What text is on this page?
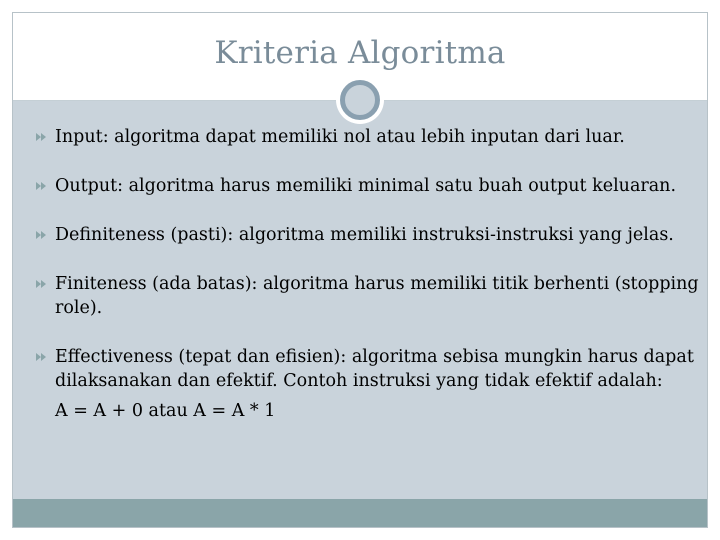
Kriteria Algoritma
Input: algoritma dapat memiliki nol atau lebih inputan dari luar.
Output: algoritma harus memiliki minimal satu buah output keluaran.
Definiteness (pasti): algoritma memiliki instruksi-instruksi yang jelas.
Finiteness (ada batas): algoritma harus memiliki titik berhenti (stopping role).
Effectiveness (tepat dan efisien): algoritma sebisa mungkin harus dapat dilaksanakan dan efektif. Contoh instruksi yang tidak efektif adalah:
A = A + 0 atau A = A * 1
